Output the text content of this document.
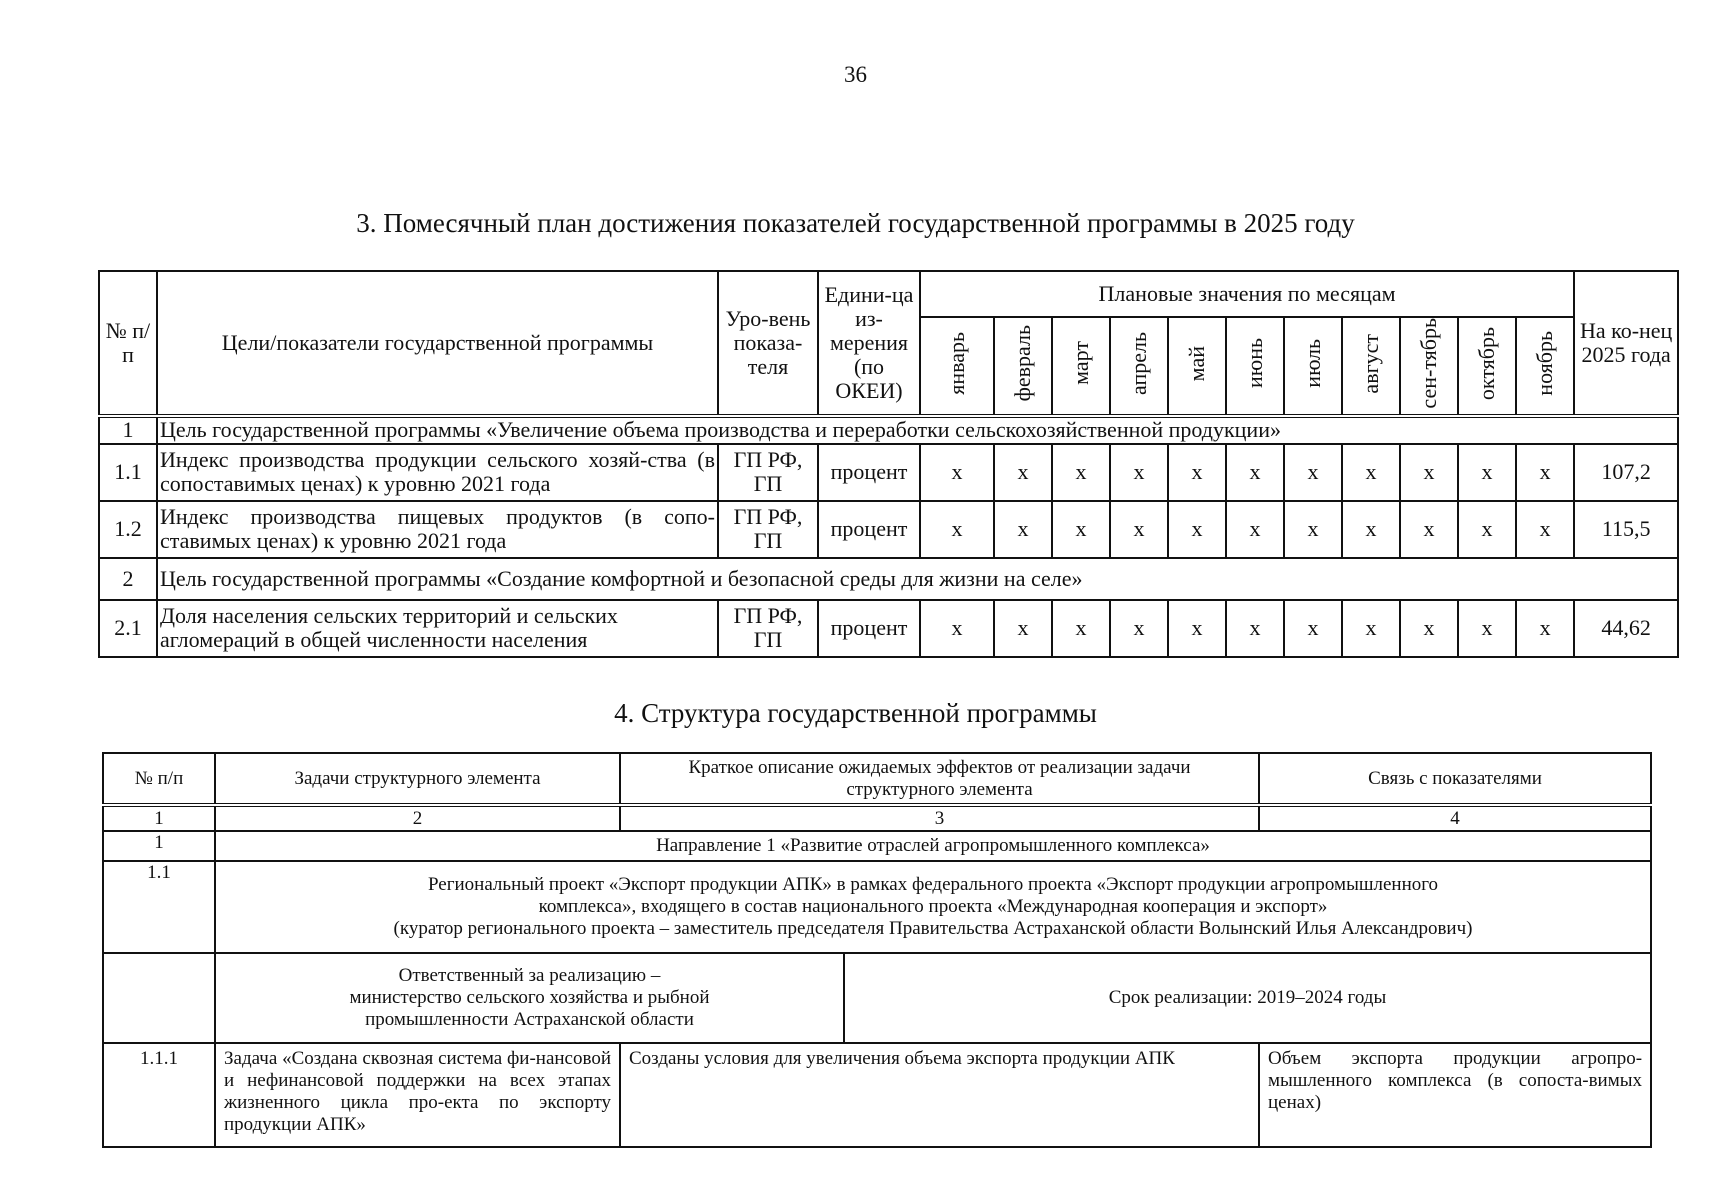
36
3. Помесячный план достижения показателей государственной программы в 2025 году
№ п/п	Цели/показатели государственной программы	Уро-вень показа-теля	Едини-ца из-мерения (по ОКЕИ)	Плановые значения по месяцам											На ко-нец 2025 года
				январь	февраль	март	апрель	май	июнь	июль	август	сен-тябрь	октябрь	ноябрь	
1	Цель государственной программы «Увеличение объема производства и переработки сельскохозяйственной продукции»														
1.1	Индекс производства продукции сельского хозяй-ства (в сопоставимых ценах) к уровню 2021 года	ГП РФ, ГП	процент	x	x	x	x	x	x	x	x	x	x	x	107,2
1.2	Индекс производства пищевых продуктов (в сопо-ставимых ценах) к уровню 2021 года	ГП РФ, ГП	процент	x	x	x	x	x	x	x	x	x	x	x	115,5
2	Цель государственной программы «Создание комфортной и безопасной среды для жизни на селе»														
2.1	Доля населения сельских территорий и сельских агломераций в общей численности населения	ГП РФ, ГП	процент	x	x	x	x	x	x	x	x	x	x	x	44,62
4. Структура государственной программы
№ п/п	Задачи структурного элемента	Краткое описание ожидаемых эффектов от реализации задачи структурного элемента		Связь с показателями
1	2	3		4
1	Направление 1 «Развитие отраслей агропромышленного комплекса»			
1.1	Региональный проект «Экспорт продукции АПК» в рамках федерального проекта «Экспорт продукции агропромышленного
комплекса», входящего в состав национального проекта «Международная кооперация и экспорт»
(куратор регионального проекта – заместитель председателя Правительства Астраханской области Волынский Илья Александрович)			

	Ответственный за реализацию –
министерство сельского хозяйства и рыбной
промышленности Астраханской области		Срок реализации: 2019–2024 годы	
1.1.1	Задача «Создана сквозная система фи-нансовой и нефинансовой поддержки на всех этапах жизненного цикла про-екта по экспорту продукции АПК»	Созданы условия для увеличения объема экспорта продукции АПК		Объем экспорта продукции агропро-мышленного комплекса (в сопоста-вимых ценах)
